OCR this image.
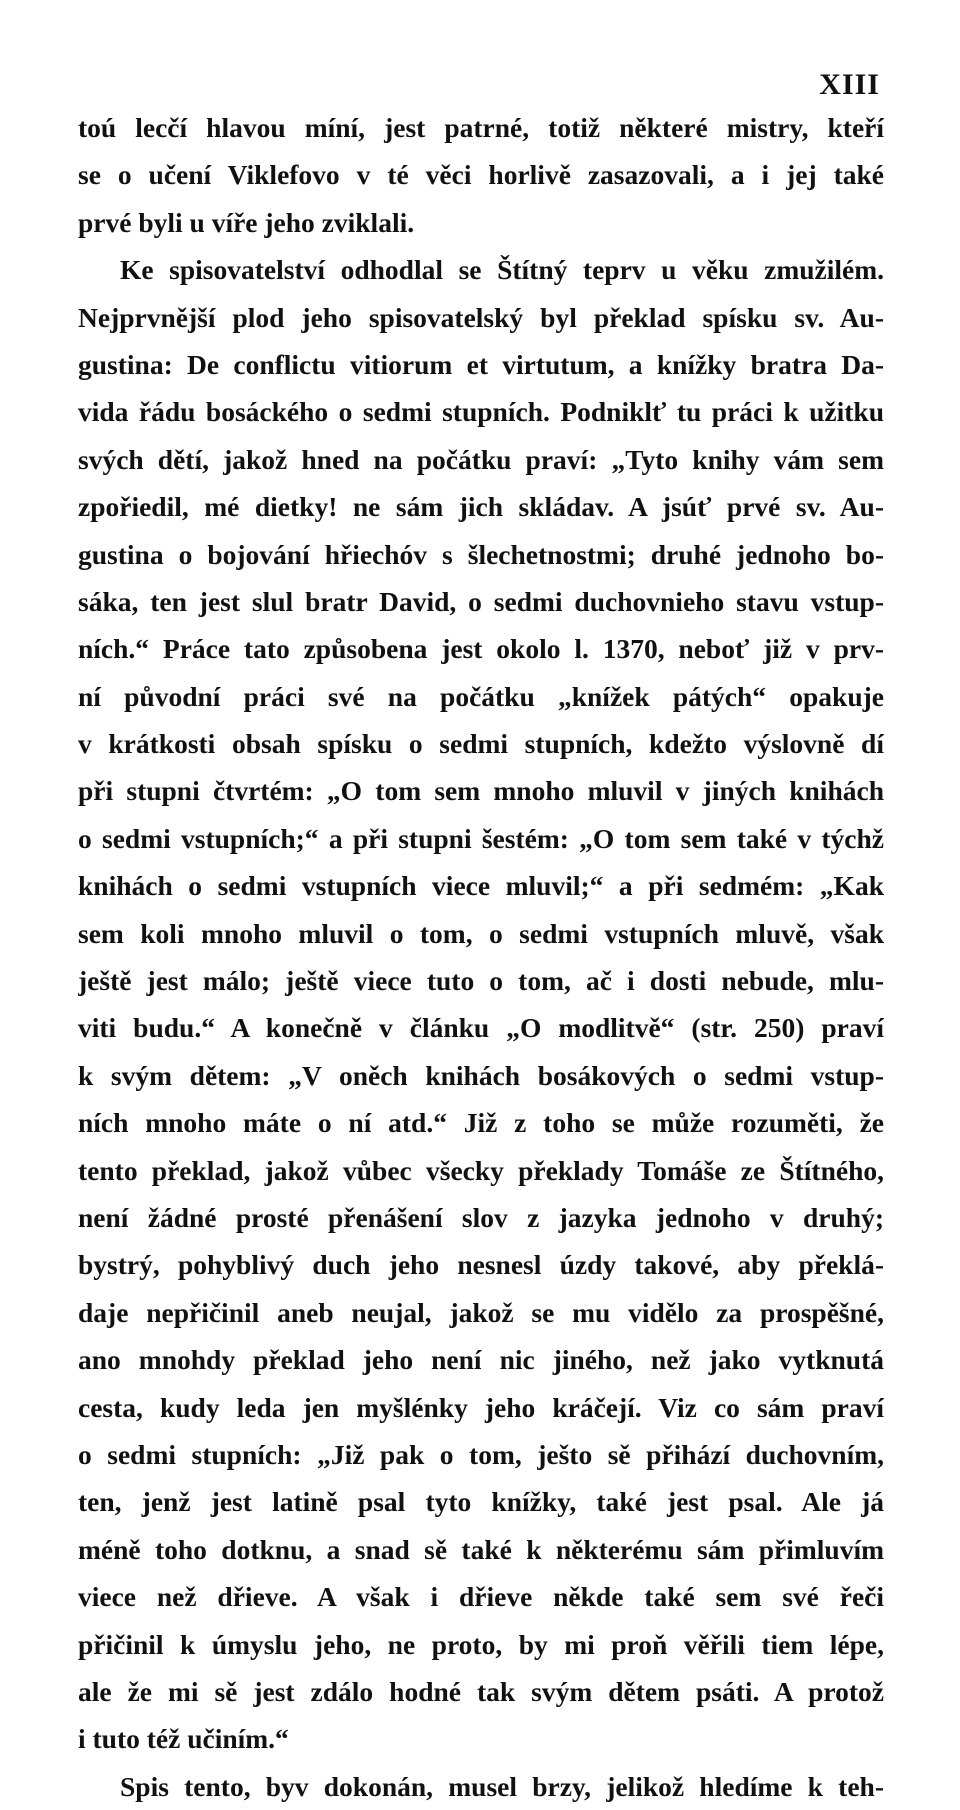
XIII
toú lecčí hlavou míní, jest patrné, totiž některé mistry, kteří
se o učení Viklefovo v té věci horlivě zasazovali, a i jej také
prvé byli u víře jeho zviklali.
Ke spisovatelství odhodlal se Štítný teprv u věku zmužilém.
Nejprvnější plod jeho spisovatelský byl překlad spísku sv. Au-
gustina: De conflictu vitiorum et virtutum, a knížky bratra Da-
vida řádu bosáckého o sedmi stupních. Podniklť tu práci k užitku
svých dětí, jakož hned na počátku praví: „Tyto knihy vám sem
zpořiedil, mé dietky! ne sám jich skládav. A jsúť prvé sv. Au-
gustina o bojování hřiechóv s šlechetnostmi; druhé jednoho bo-
sáka, ten jest slul bratr David, o sedmi duchovnieho stavu vstup-
ních.“ Práce tato způsobena jest okolo l. 1370, neboť již v prv-
ní původní práci své na počátku „knížek pátých“ opakuje
v krátkosti obsah spísku o sedmi stupních, kdežto výslovně dí
při stupni čtvrtém: „O tom sem mnoho mluvil v jiných knihách
o sedmi vstupních;“ a při stupni šestém: „O tom sem také v týchž
knihách o sedmi vstupních viece mluvil;“ a při sedmém: „Kak
sem koli mnoho mluvil o tom, o sedmi vstupních mluvě, však
ještě jest málo; ještě viece tuto o tom, ač i dosti nebude, mlu-
viti budu.“ A konečně v článku „O modlitvě“ (str. 250) praví
k svým dětem: „V oněch knihách bosákových o sedmi vstup-
ních mnoho máte o ní atd.“ Již z toho se může rozuměti, že
tento překlad, jakož vůbec všecky překlady Tomáše ze Štítného,
není žádné prosté přenášení slov z jazyka jednoho v druhý;
bystrý, pohyblivý duch jeho nesnesl úzdy takové, aby překlá-
daje nepřičinil aneb neujal, jakož se mu vidělo za prospěšné,
ano mnohdy překlad jeho není nic jiného, než jako vytknutá
cesta, kudy leda jen myšlénky jeho kráčejí. Viz co sám praví
o sedmi stupních: „Již pak o tom, ješto sě přihází duchovním,
ten, jenž jest latině psal tyto knížky, také jest psal. Ale já
méně toho dotknu, a snad sě také k některému sám přimluvím
viece než dřieve. A však i dřieve někde také sem své řeči
přičinil k úmyslu jeho, ne proto, by mi proň věřili tiem lépe,
ale že mi sě jest zdálo hodné tak svým dětem psáti. A protož
i tuto též učiním.“
Spis tento, byv dokonán, musel brzy, jelikož hledíme k teh-
